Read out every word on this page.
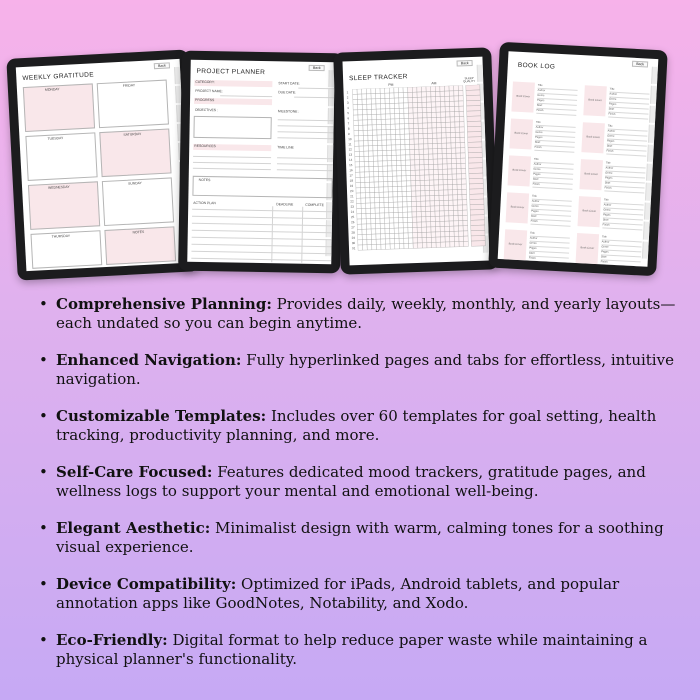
WEEKLY GRATITUDE
Back
MONDAY
FRIDAY
TUESDAY
SATURDAY
WEDNESDAY
SUNDAY
THURSDAY
NOTES
PROJECT PLANNER	Back
CATEGORY:	START DATE:
PROJECT NAME:	DUE DATE:
PROGRESS
OBJECTIVES :	MILESTONE :
RESOURCES	TIME LINE
NOTES
ACTION PLAN	DEADLINE	COMPLETE
SLEEP TRACKER
Back
PM	AM
SLEEP QUALITY
1
2
3
4
5
6
7
8
9
10
11
12
13
14
15
16
17
18
19
20
21
22
23
24
25
26
27
28
29
30
31
BOOK LOG	Back
Book Cover
Title
Author
Genre
Pages
Start
Finish
Book Cover
Title
Author
Genre
Pages
Start
Finish
Book Cover
Title
Author
Genre
Pages
Start
Finish
Book Cover
Title
Author
Genre
Pages
Start
Finish
Book Cover
Title
Author
Genre
Pages
Start
Finish
Book Cover
Title
Author
Genre
Pages
Start
Finish
Book Cover
Title
Author
Genre
Pages
Start
Finish
Book Cover
Title
Author
Genre
Pages
Start
Finish
Book Cover
Title
Author
Genre
Pages
Start
Finish
Book Cover
Title
Author
Genre
Pages
Start
Finish
• Comprehensive Planning: Provides daily, weekly, monthly, and yearly layouts—each undated so you can begin anytime.
• Enhanced Navigation: Fully hyperlinked pages and tabs for effortless, intuitive navigation.
• Customizable Templates: Includes over 60 templates for goal setting, health tracking, productivity planning, and more.
• Self-Care Focused: Features dedicated mood trackers, gratitude pages, and wellness logs to support your mental and emotional well-being.
• Elegant Aesthetic: Minimalist design with warm, calming tones for a soothing visual experience.
• Device Compatibility: Optimized for iPads, Android tablets, and popular annotation apps like GoodNotes, Notability, and Xodo.
• Eco-Friendly: Digital format to help reduce paper waste while maintaining a physical planner's functionality.
